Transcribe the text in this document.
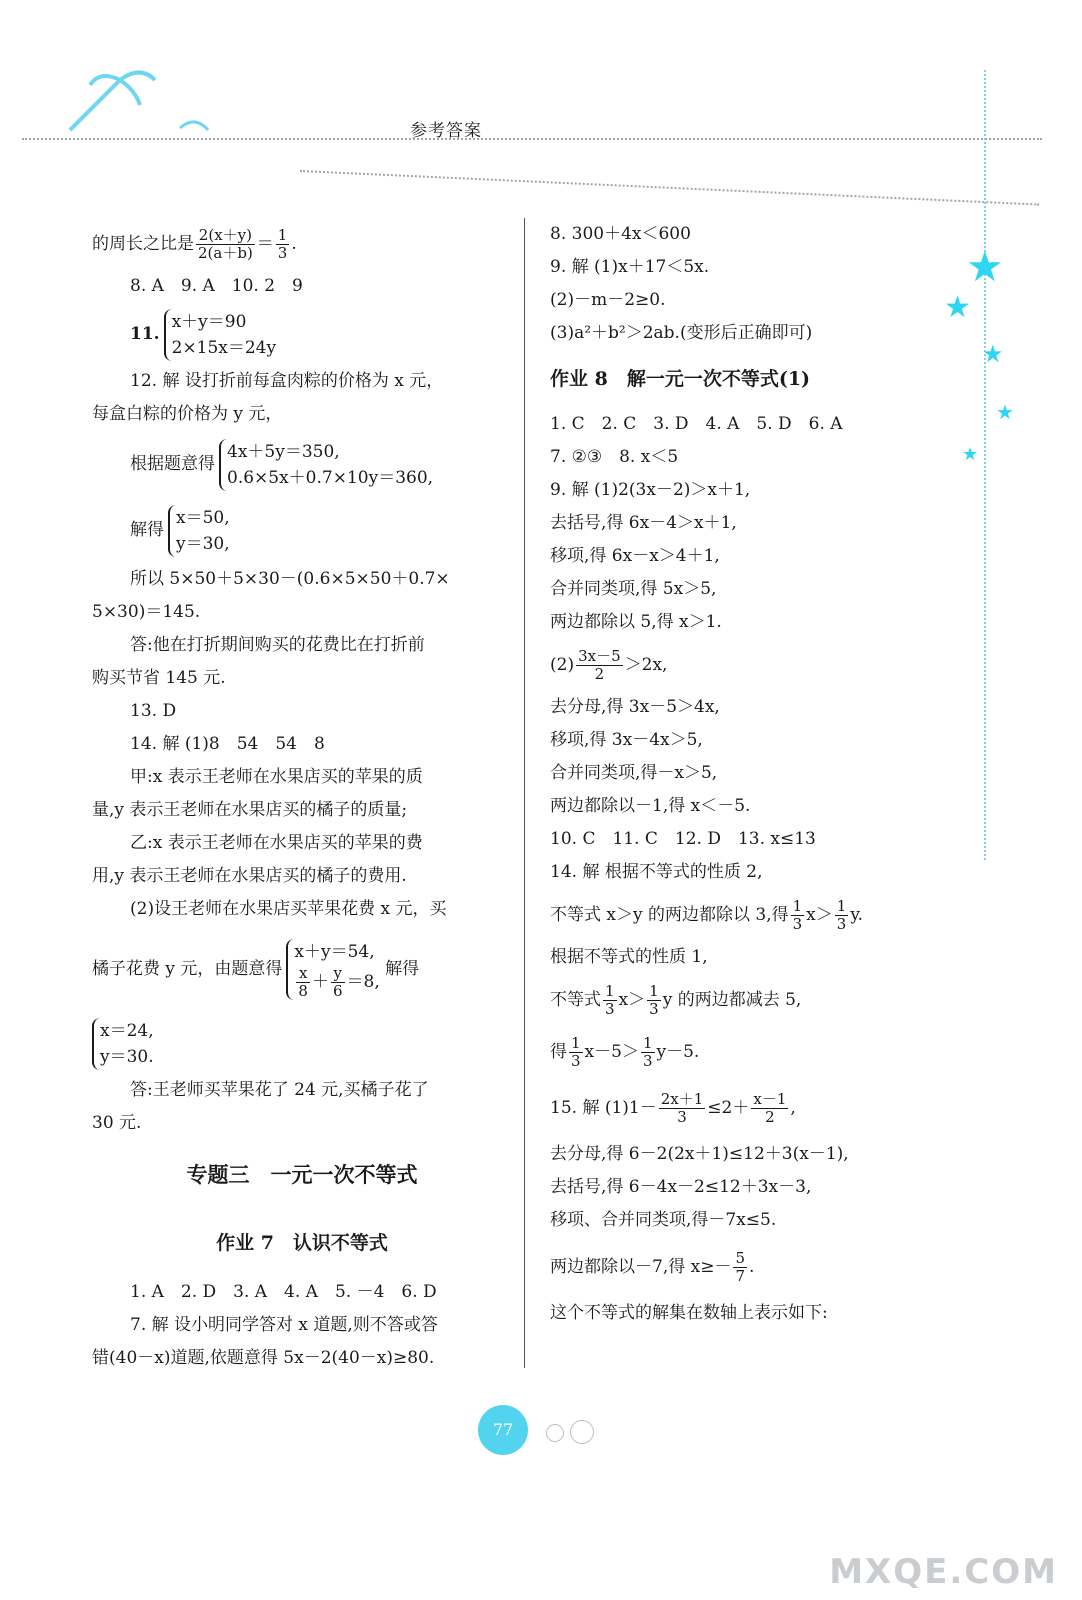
参考答案
★
★
★
★
★
的周长之比是 $\frac{2(x+y)}{2(a+b)} = \frac{1}{3}$ .
8. A　9. A　10. 2　9
11.
x＋y＝90
2×15x＝24y
12. 解 设打折前每盒肉粽的价格为 x 元，
每盒白粽的价格为 y 元，
根据题意得
4x＋5y＝350,
0.6×5x＋0.7×10y＝360,
解得
x＝50,
y＝30,
所以 5×50＋5×30－(0.6×5×50＋0.7×
5×30)＝145.
答:他在打折期间购买的花费比在打折前
购买节省 145 元.
13. D
14. 解 (1)8　54　54　8
甲:x 表示王老师在水果店买的苹果的质
量,y 表示王老师在水果店买的橘子的质量;
乙:x 表示王老师在水果店买的苹果的费
用,y 表示王老师在水果店买的橘子的费用.
(2)设王老师在水果店买苹果花费 x 元，买
橘子花费 y 元，由题意得
x＋y＝54,
$\frac{x}{8} + \frac{y}{6} =8$,
解得
x＝24,
y＝30.
答:王老师买苹果花了 24 元,买橘子花了
30 元.
专题三　一元一次不等式
作业 7　认识不等式
1. A　2. D　3. A　4. A　5. －4　6. D
7. 解 设小明同学答对 x 道题,则不答或答
错(40－x)道题,依题意得 5x－2(40－x)≥80.
8. 300＋4x＜600
9. 解 (1)x＋17＜5x.
(2)－m－2≥0.
(3)a²＋b²＞2ab.(变形后正确即可)
作业 8　解一元一次不等式(1)
1. C　2. C　3. D　4. A　5. D　6. A
7. ②③　8. x＜5
9. 解 (1)2(3x－2)＞x＋1,
去括号,得 6x－4＞x＋1,
移项,得 6x－x＞4＋1,
合并同类项,得 5x＞5,
两边都除以 5,得 x＞1.
$(2) \frac{3x-5}{2} >2x$,
去分母,得 3x－5＞4x,
移项,得 3x－4x＞5,
合并同类项,得－x＞5,
两边都除以－1,得 x＜－5.
10. C　11. C　12. D　13. x≤13
14. 解 根据不等式的性质 2,
不等式 x＞y 的两边都除以 3,得 $\frac{1}{3} x> \frac{1}{3} y$.
根据不等式的性质 1,
不等式 $\frac{1}{3} x> \frac{1}{3}$ y 的两边都减去 5,
得 $\frac{1}{3} x-5> \frac{1}{3} y-5$.
15. 解 $(1)1- \frac{2x+1}{3} \le 2+ \frac{x-1}{2}$ ,
去分母,得 6－2(2x＋1)≤12＋3(x－1),
去括号,得 6－4x－2≤12＋3x－3,
移项、合并同类项,得－7x≤5.
两边都除以－7,得 $x\ge- \frac{5}{7}$ .
这个不等式的解集在数轴上表示如下:
77
MXQE.COM
